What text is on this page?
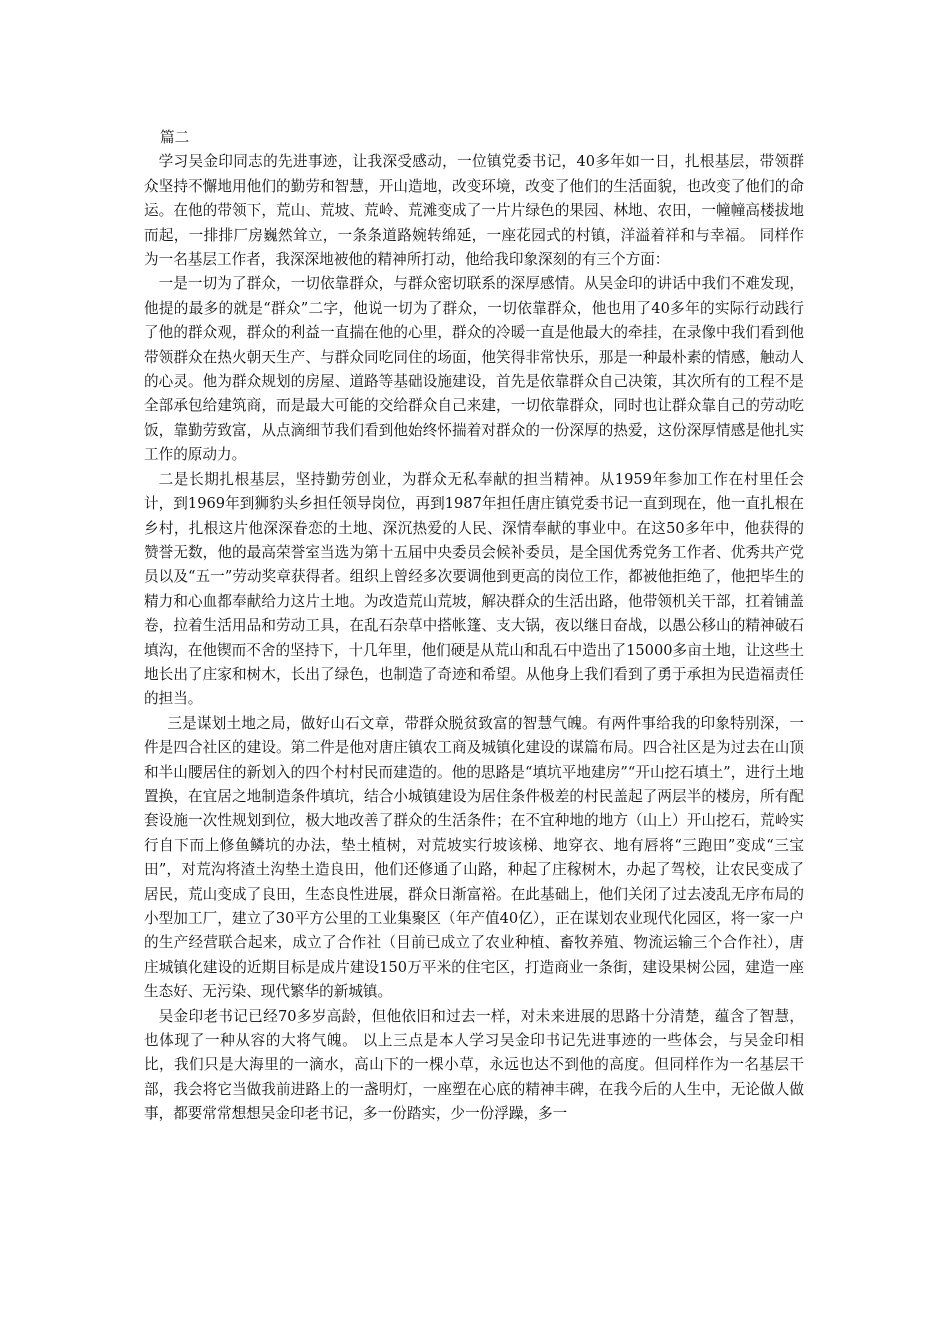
篇二

学习吴金印同志的先进事迹，让我深受感动，一位镇党委书记，40多年如一日，扎根基层，带领群众坚持不懈地用他们的勤劳和智慧，开山造地，改变环境，改变了他们的生活面貌，也改变了他们的命运。在他的带领下，荒山、荒坡、荒岭、荒滩变成了一片片绿色的果园、林地、农田，一幢幢高楼拔地而起，一排排厂房巍然耸立，一条条道路婉转绵延，一座花园式的村镇，洋溢着祥和与幸福。 同样作为一名基层工作者，我深深地被他的精神所打动，他给我印象深刻的有三个方面：

一是一切为了群众，一切依靠群众，与群众密切联系的深厚感情。从吴金印的讲话中我们不难发现，他提的最多的就是“群众”二字，他说一切为了群众，一切依靠群众，他也用了40多年的实际行动践行了他的群众观，群众的利益一直揣在他的心里，群众的冷暖一直是他最大的牵挂，在录像中我们看到他带领群众在热火朝天生产、与群众同吃同住的场面，他笑得非常快乐，那是一种最朴素的情感，触动人的心灵。他为群众规划的房屋、道路等基础设施建设，首先是依靠群众自己决策，其次所有的工程不是全部承包给建筑商，而是最大可能的交给群众自己来建，一切依靠群众，同时也让群众靠自己的劳动吃饭，靠勤劳致富，从点滴细节我们看到他始终怀揣着对群众的一份深厚的热爱，这份深厚情感是他扎实工作的原动力。

二是长期扎根基层，坚持勤劳创业，为群众无私奉献的担当精神。从1959年参加工作在村里任会计，到1969年到狮豹头乡担任领导岗位，再到1987年担任唐庄镇党委书记一直到现在，他一直扎根在乡村，扎根这片他深深眷恋的土地、深沉热爱的人民、深情奉献的事业中。在这50多年中，他获得的赞誉无数，他的最高荣誉室当选为第十五届中央委员会候补委员，是全国优秀党务工作者、优秀共产党员以及“五一”劳动奖章获得者。组织上曾经多次要调他到更高的岗位工作，都被他拒绝了，他把毕生的精力和心血都奉献给力这片土地。为改造荒山荒坡，解决群众的生活出路，他带领机关干部，扛着铺盖卷，拉着生活用品和劳动工具，在乱石杂草中搭帐篷、支大锅，夜以继日奋战，以愚公移山的精神破石填沟，在他锲而不舍的坚持下，十几年里，他们硬是从荒山和乱石中造出了15000多亩土地，让这些土地长出了庄家和树木，长出了绿色，也制造了奇迹和希望。从他身上我们看到了勇于承担为民造福责任的担当。

三是谋划土地之局，做好山石文章，带群众脱贫致富的智慧气魄。有两件事给我的印象特别深，一件是四合社区的建设。第二件是他对唐庄镇农工商及城镇化建设的谋篇布局。四合社区是为过去在山顶和半山腰居住的新划入的四个村村民而建造的。他的思路是“填坑平地建房”“开山挖石填土”，进行土地置换，在宜居之地制造条件填坑，结合小城镇建设为居住条件极差的村民盖起了两层半的楼房，所有配套设施一次性规划到位，极大地改善了群众的生活条件；在不宜种地的地方（山上）开山挖石，荒岭实行自下而上修鱼鳞坑的办法，垫土植树，对荒坡实行坡该梯、地穿衣、地有唇将“三跑田”变成“三宝田”，对荒沟将渣土沟垫土造良田，他们还修通了山路，种起了庄稼树木，办起了驾校，让农民变成了居民，荒山变成了良田，生态良性进展，群众日渐富裕。在此基础上，他们关闭了过去凌乱无序布局的小型加工厂，建立了30平方公里的工业集聚区（年产值40亿），正在谋划农业现代化园区，将一家一户的生产经营联合起来，成立了合作社（目前已成立了农业种植、畜牧养殖、物流运输三个合作社），唐庄城镇化建设的近期目标是成片建设150万平米的住宅区，打造商业一条街，建设果树公园，建造一座生态好、无污染、现代繁华的新城镇。

吴金印老书记已经70多岁高龄，但他依旧和过去一样，对未来进展的思路十分清楚，蕴含了智慧，也体现了一种从容的大将气魄。 以上三点是本人学习吴金印书记先进事迹的一些体会，与吴金印相比，我们只是大海里的一滴水，高山下的一棵小草，永远也达不到他的高度。但同样作为一名基层干部，我会将它当做我前进路上的一盏明灯，一座塑在心底的精神丰碑，在我今后的人生中，无论做人做事，都要常常想想吴金印老书记，多一份踏实，少一份浮躁，多一
